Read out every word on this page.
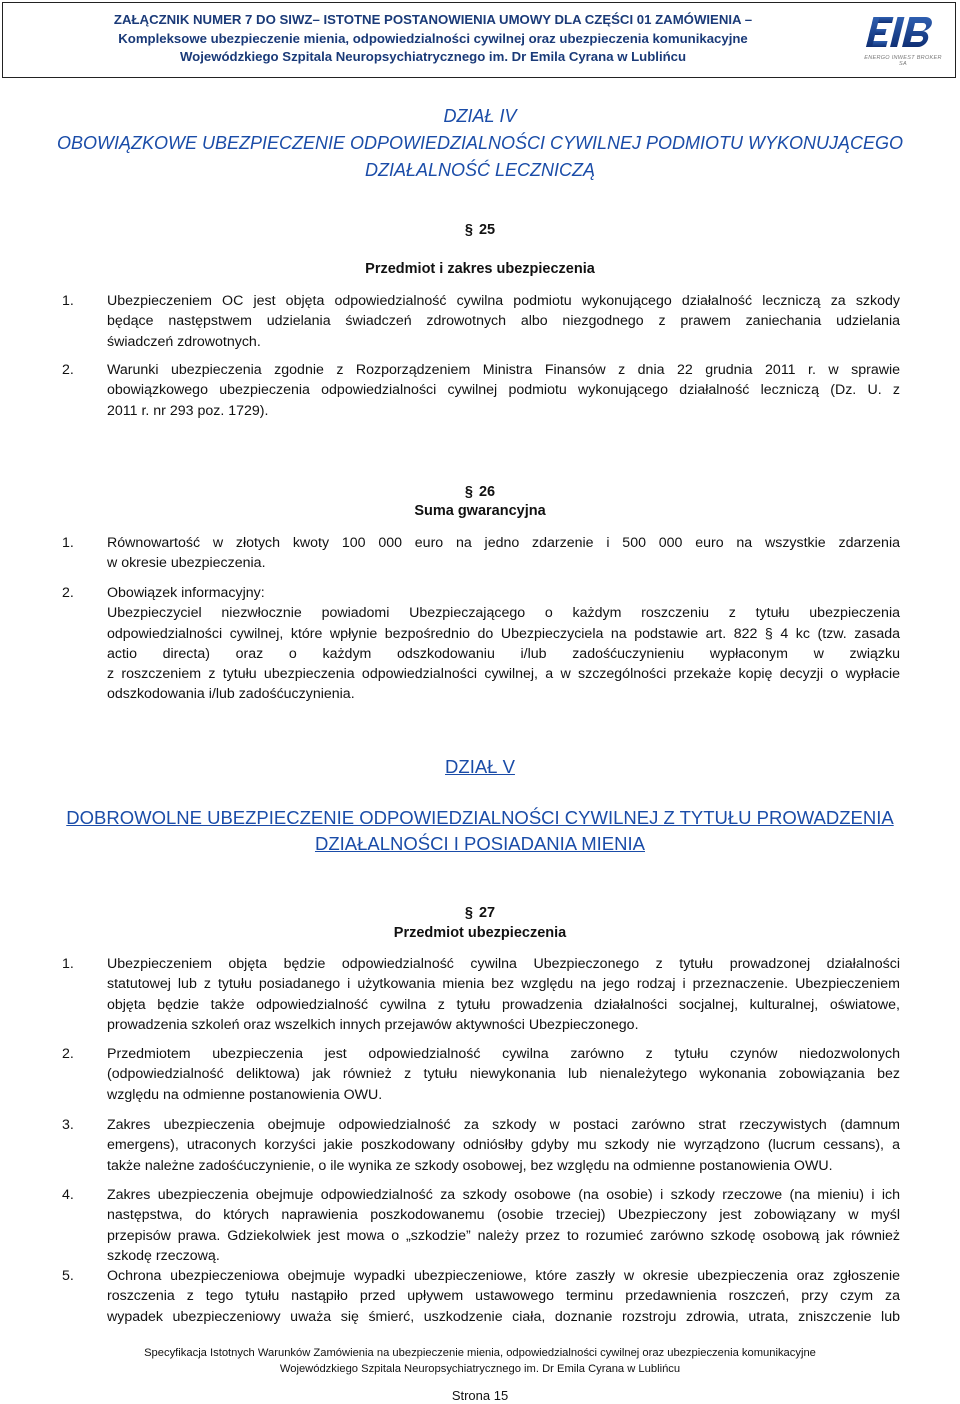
ZAŁĄCZNIK NUMER 7 DO SIWZ– ISTOTNE POSTANOWIENIA UMOWY DLA CZĘŚCI 01 ZAMÓWIENIA –
Kompleksowe ubezpieczenie mienia, odpowiedzialności cywilnej oraz ubezpieczenia komunikacyjne
Wojewódzkiego Szpitala Neuropsychiatrycznego im. Dr Emila Cyrana w Lublińcu	ENERGO INWEST BROKER SA
DZIAŁ IV
OBOWIĄZKOWE UBEZPIECZENIE ODPOWIEDZIALNOŚCI CYWILNEJ PODMIOTU WYKONUJĄCEGO
DZIAŁALNOŚĆ LECZNICZĄ
§ 25
Przedmiot i zakres ubezpieczenia
1.	Ubezpieczeniem OC jest objęta odpowiedzialność cywilna podmiotu wykonującego działalność leczniczą za szkody
będące następstwem udzielania świadczeń zdrowotnych albo niezgodnego z prawem zaniechania udzielania
świadczeń zdrowotnych.
2.	Warunki ubezpieczenia zgodnie z Rozporządzeniem Ministra Finansów z dnia 22 grudnia 2011 r. w sprawie
obowiązkowego ubezpieczenia odpowiedzialności cywilnej podmiotu wykonującego działalność leczniczą (Dz. U. z
2011 r. nr 293 poz. 1729).
§ 26
Suma gwarancyjna
1.	Równowartość w złotych kwoty 100 000 euro na jedno zdarzenie i 500 000 euro na wszystkie zdarzenia
w okresie ubezpieczenia.
2.	Obowiązek informacyjny:
Ubezpieczyciel niezwłocznie powiadomi Ubezpieczającego o każdym roszczeniu z tytułu ubezpieczenia
odpowiedzialności cywilnej, które wpłynie bezpośrednio do Ubezpieczyciela na podstawie art. 822 § 4 kc (tzw. zasada
actio directa) oraz o każdym odszkodowaniu i/lub zadośćuczynieniu wypłaconym w związku
z roszczeniem z tytułu ubezpieczenia odpowiedzialności cywilnej, a w szczególności przekaże kopię decyzji o wypłacie
odszkodowania i/lub zadośćuczynienia.
DZIAŁ V
DOBROWOLNE UBEZPIECZENIE ODPOWIEDZIALNOŚCI CYWILNEJ Z TYTUŁU PROWADZENIA
DZIAŁALNOŚCI I POSIADANIA MIENIA
§ 27
Przedmiot ubezpieczenia
1.	Ubezpieczeniem objęta będzie odpowiedzialność cywilna Ubezpieczonego z tytułu prowadzonej działalności
statutowej lub z tytułu posiadanego i użytkowania mienia bez względu na jego rodzaj i przeznaczenie. Ubezpieczeniem
objęta będzie także odpowiedzialność cywilna z tytułu prowadzenia działalności socjalnej, kulturalnej, oświatowe,
prowadzenia szkoleń oraz wszelkich innych przejawów aktywności Ubezpieczonego.
2.	Przedmiotem ubezpieczenia jest odpowiedzialność cywilna zarówno z tytułu czynów niedozwolonych
(odpowiedzialność deliktowa) jak również z tytułu niewykonania lub nienależytego wykonania zobowiązania bez
względu na odmienne postanowienia OWU.
3.	Zakres ubezpieczenia obejmuje odpowiedzialność za szkody w postaci zarówno strat rzeczywistych (damnum
emergens), utraconych korzyści jakie poszkodowany odniósłby gdyby mu szkody nie wyrządzono (lucrum cessans), a
także należne zadośćuczynienie, o ile wynika ze szkody osobowej, bez względu na odmienne postanowienia OWU.
4.	Zakres ubezpieczenia obejmuje odpowiedzialność za szkody osobowe (na osobie) i szkody rzeczowe (na mieniu) i ich
następstwa, do których naprawienia poszkodowanemu (osobie trzeciej) Ubezpieczony jest zobowiązany w myśl
przepisów prawa. Gdziekolwiek jest mowa o „szkodzie” należy przez to rozumieć zarówno szkodę osobową jak również
szkodę rzeczową.
5.	Ochrona ubezpieczeniowa obejmuje wypadki ubezpieczeniowe, które zaszły w okresie ubezpieczenia oraz zgłoszenie
roszczenia z tego tytułu nastąpiło przed upływem ustawowego terminu przedawnienia roszczeń, przy czym za
wypadek ubezpieczeniowy uważa się śmierć, uszkodzenie ciała, doznanie rozstroju zdrowia, utrata, zniszczenie lub
Specyfikacja Istotnych Warunków Zamówienia na ubezpieczenie mienia, odpowiedzialności cywilnej oraz ubezpieczenia komunikacyjne
Wojewódzkiego Szpitala Neuropsychiatrycznego im. Dr Emila Cyrana w Lublińcu
Strona 15
